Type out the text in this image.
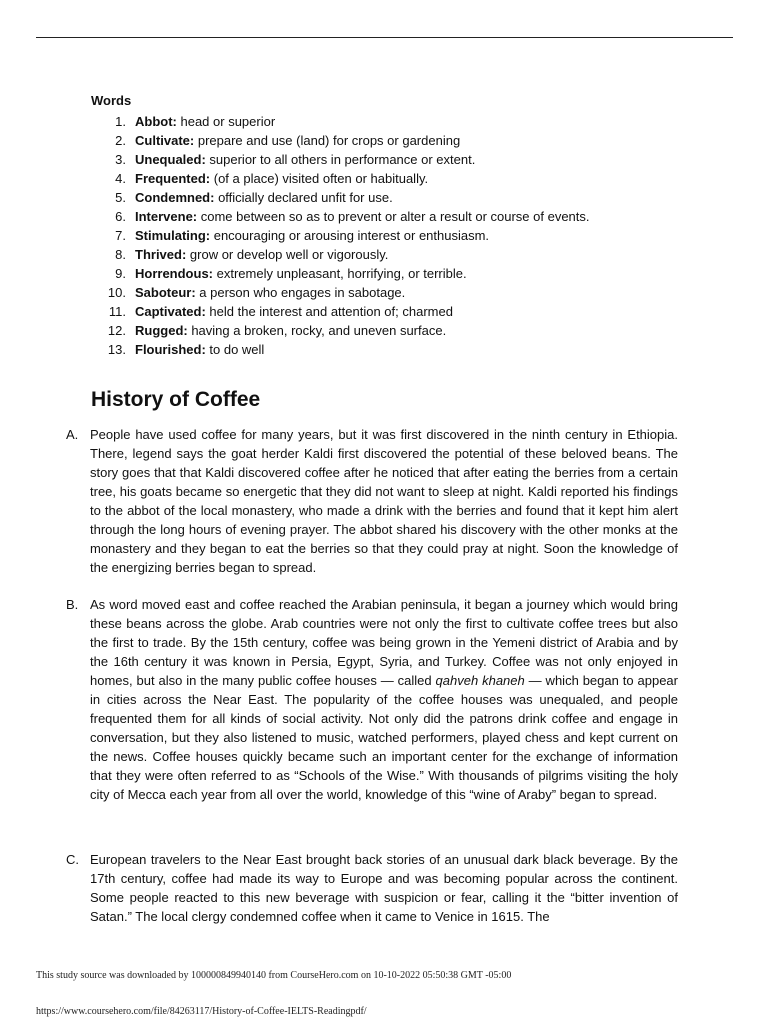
Words
1. Abbot: head or superior
2. Cultivate: prepare and use (land) for crops or gardening
3. Unequaled: superior to all others in performance or extent.
4. Frequented: (of a place) visited often or habitually.
5. Condemned: officially declared unfit for use.
6. Intervene: come between so as to prevent or alter a result or course of events.
7. Stimulating: encouraging or arousing interest or enthusiasm.
8. Thrived: grow or develop well or vigorously.
9. Horrendous: extremely unpleasant, horrifying, or terrible.
10. Saboteur: a person who engages in sabotage.
11. Captivated: held the interest and attention of; charmed
12. Rugged: having a broken, rocky, and uneven surface.
13. Flourished: to do well
History of Coffee
A. People have used coffee for many years, but it was first discovered in the ninth century in Ethiopia. There, legend says the goat herder Kaldi first discovered the potential of these beloved beans. The story goes that that Kaldi discovered coffee after he noticed that after eating the berries from a certain tree, his goats became so energetic that they did not want to sleep at night. Kaldi reported his findings to the abbot of the local monastery, who made a drink with the berries and found that it kept him alert through the long hours of evening prayer. The abbot shared his discovery with the other monks at the monastery and they began to eat the berries so that they could pray at night. Soon the knowledge of the energizing berries began to spread.

B. As word moved east and coffee reached the Arabian peninsula, it began a journey which would bring these beans across the globe. Arab countries were not only the first to cultivate coffee trees but also the first to trade. By the 15th century, coffee was being grown in the Yemeni district of Arabia and by the 16th century it was known in Persia, Egypt, Syria, and Turkey. Coffee was not only enjoyed in homes, but also in the many public coffee houses — called qahveh khaneh — which began to appear in cities across the Near East. The popularity of the coffee houses was unequaled, and people frequented them for all kinds of social activity. Not only did the patrons drink coffee and engage in conversation, but they also listened to music, watched performers, played chess and kept current on the news. Coffee houses quickly became such an important center for the exchange of information that they were often referred to as “Schools of the Wise.” With thousands of pilgrims visiting the holy city of Mecca each year from all over the world, knowledge of this “wine of Araby” began to spread.

C. European travelers to the Near East brought back stories of an unusual dark black beverage. By the 17th century, coffee had made its way to Europe and was becoming popular across the continent. Some people reacted to this new beverage with suspicion or fear, calling it the “bitter invention of Satan.” The local clergy condemned coffee when it came to Venice in 1615. The

This study source was downloaded by 100000849940140 from CourseHero.com on 10-10-2022 05:50:38 GMT -05:00
https://www.coursehero.com/file/84263117/History-of-Coffee-IELTS-Readingpdf/
